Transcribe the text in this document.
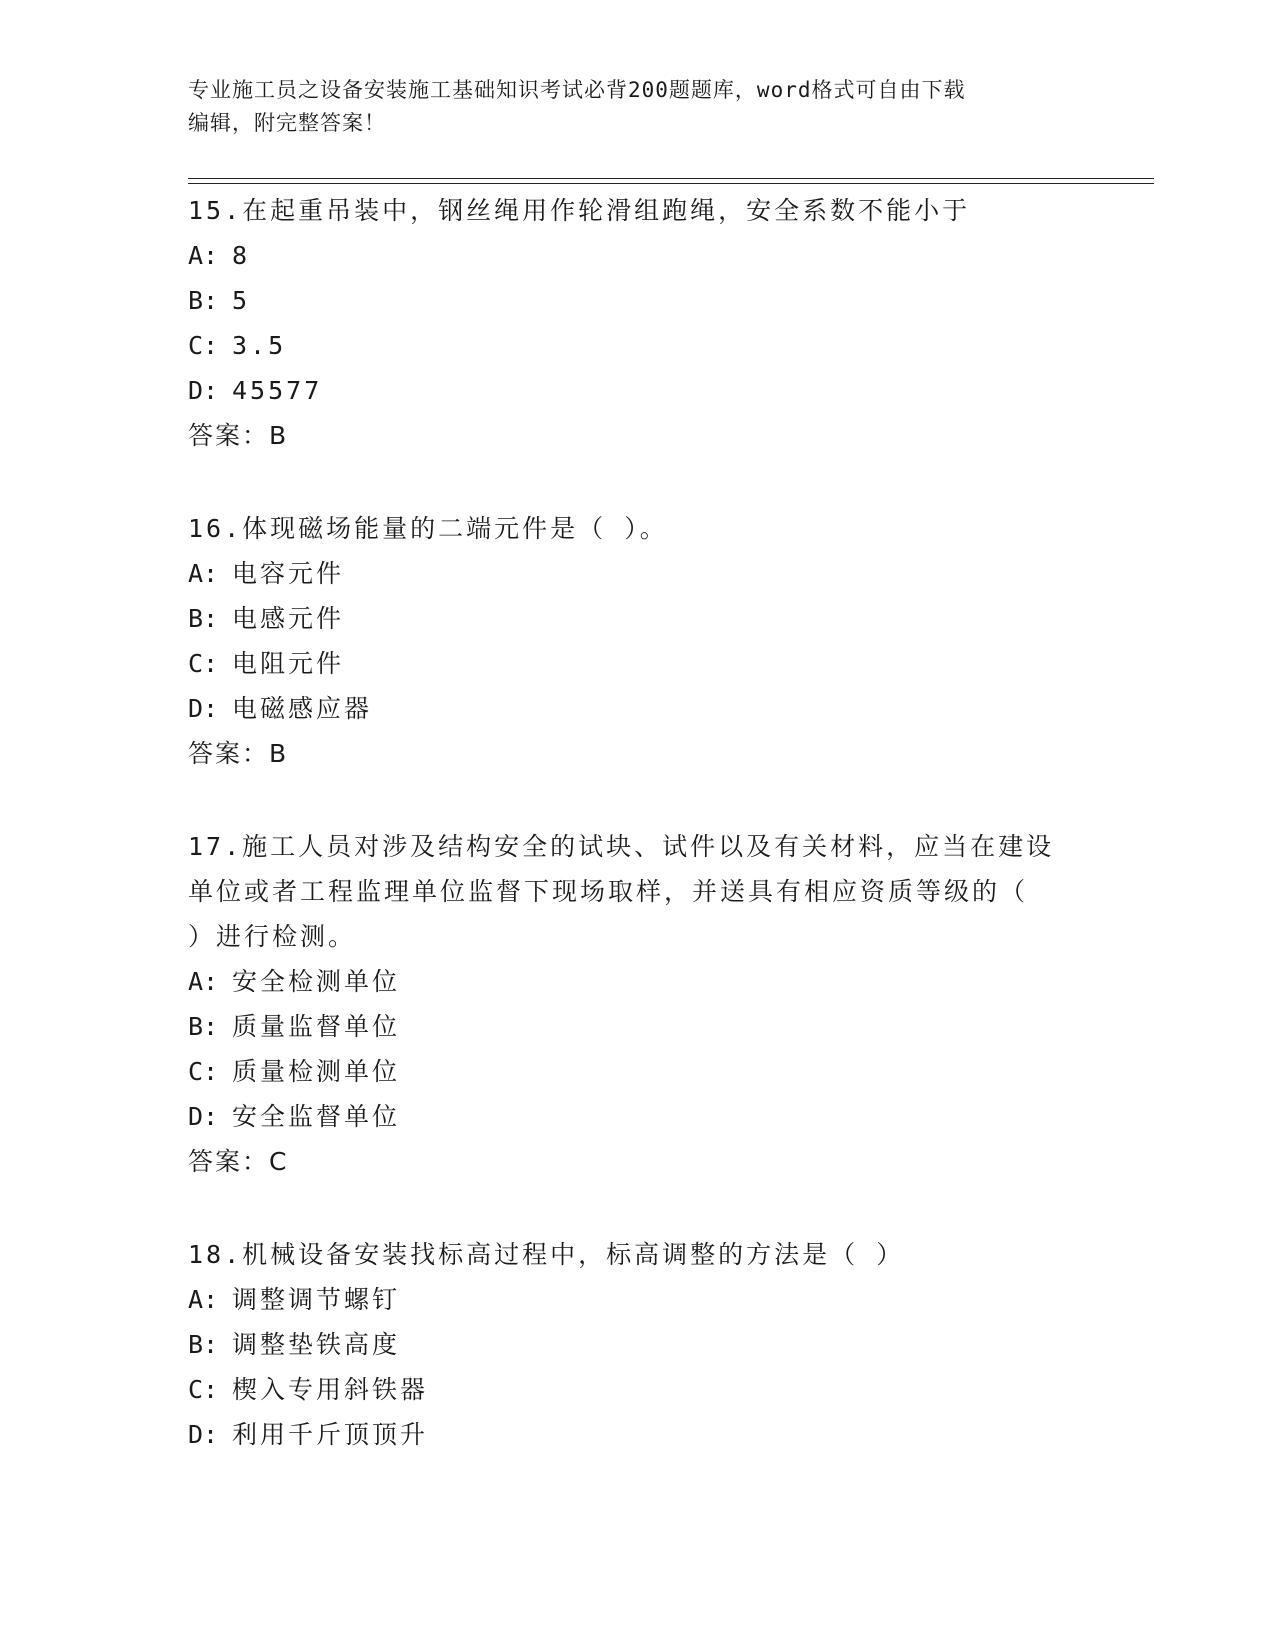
专业施工员之设备安装施工基础知识考试必背200题题库，word格式可自由下载
编辑，附完整答案！

15.在起重吊装中，钢丝绳用作轮滑组跑绳，安全系数不能小于

A: 8

B: 5

C: 3.5

D: 45577

答案：B

16.体现磁场能量的二端元件是（ ）。

A: 电容元件

B: 电感元件

C: 电阻元件

D: 电磁感应器

答案：B

17.施工人员对涉及结构安全的试块、试件以及有关材料，应当在建设

单位或者工程监理单位监督下现场取样，并送具有相应资质等级的（

）进行检测。

A: 安全检测单位

B: 质量监督单位

C: 质量检测单位

D: 安全监督单位

答案：C

18.机械设备安装找标高过程中，标高调整的方法是（ ）

A: 调整调节螺钉

B: 调整垫铁高度

C: 楔入专用斜铁器

D: 利用千斤顶顶升
